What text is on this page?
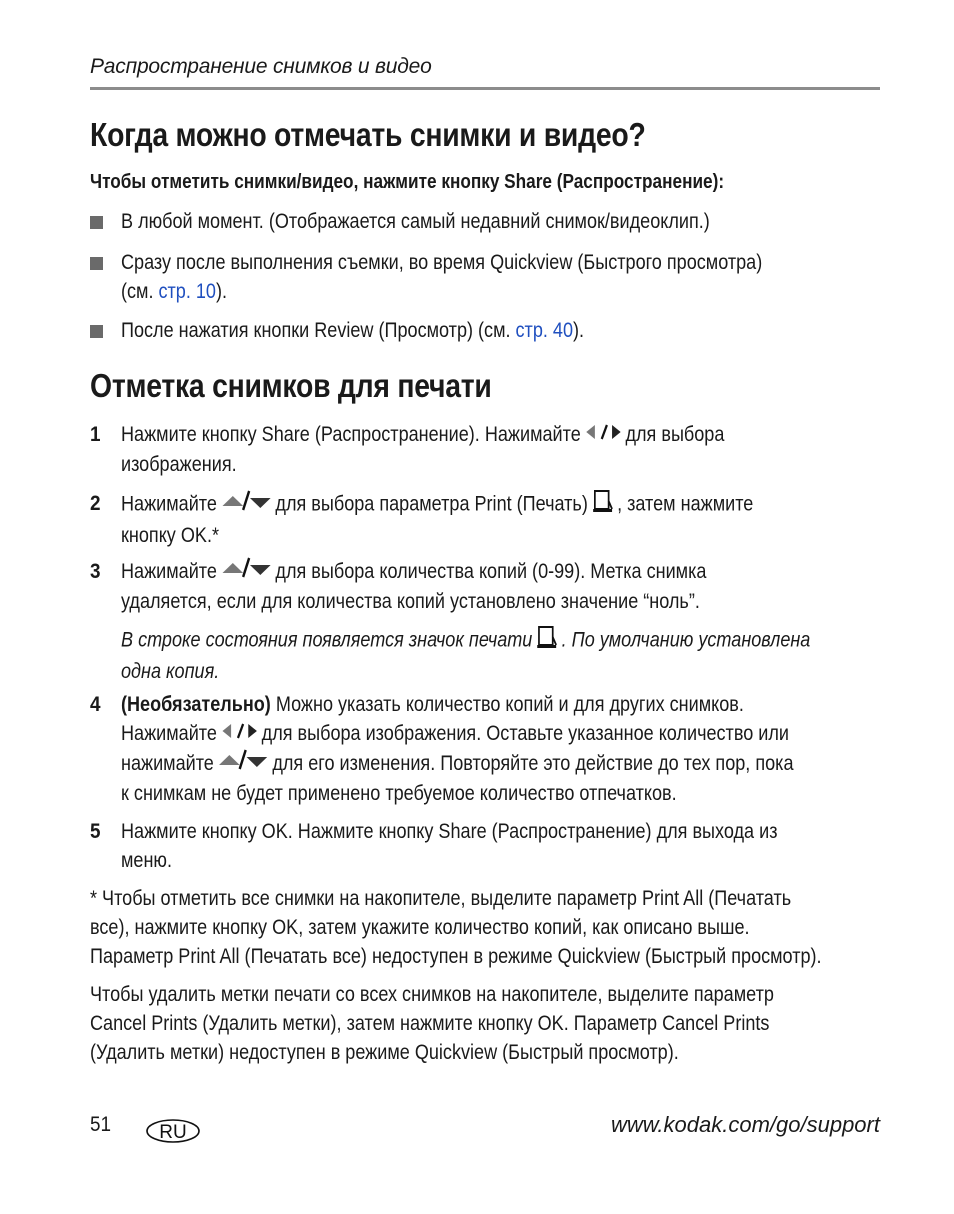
Распространение снимков и видео
Когда можно отмечать снимки и видео?
Чтобы отметить снимки/видео, нажмите кнопку Share (Распространение):
В любой момент. (Отображается самый недавний снимок/видеоклип.)
Сразу после выполнения съемки, во время Quickview (Быстрого просмотра)
(см. стр. 10).
После нажатия кнопки Review (Просмотр) (см. стр. 40).
Отметка снимков для печати
1 Нажмите кнопку Share (Распространение). Нажимайте для выбора
изображения.
2 Нажимайте	для выбора параметра Print (Печать) , затем нажмите
кнопку OK.*
3 Нажимайте	для выбора количества копий (0-99). Метка снимка
удаляется, если для количества копий установлено значение “ноль”.
В строке состояния появляется значок печати . По умолчанию установлена
одна копия.
4 (Необязательно) Можно указать количество копий и для других снимков.
Нажимайте для выбора изображения. Оставьте указанное количество или
нажимайте	для его изменения. Повторяйте это действие до тех пор, пока
к снимкам не будет применено требуемое количество отпечатков.
5 Нажмите кнопку OK. Нажмите кнопку Share (Распространение) для выхода из
меню.
* Чтобы отметить все снимки на накопителе, выделите параметр Print All (Печатать
все), нажмите кнопку OK, затем укажите количество копий, как описано выше.
Параметр Print All (Печатать все) недоступен в режиме Quickview (Быстрый просмотр).
Чтобы удалить метки печати со всех снимков на накопителе, выделите параметр
Cancel Prints (Удалить метки), затем нажмите кнопку OK. Параметр Cancel Prints
(Удалить метки) недоступен в режиме Quickview (Быстрый просмотр).
51	RU	www.kodak.com/go/support
